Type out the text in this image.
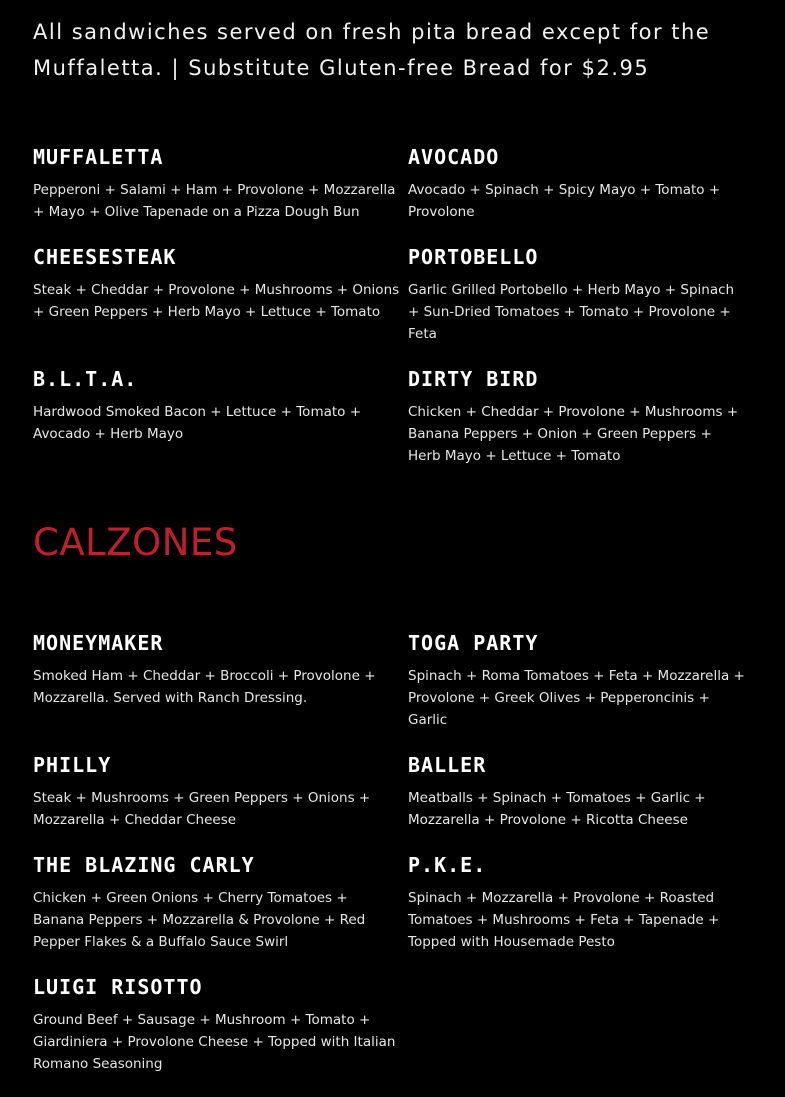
All sandwiches served on fresh pita bread except for the Muffaletta. | Substitute Gluten-free Bread for $2.95
MUFFALETTA

Pepperoni + Salami + Ham + Provolone + Mozzarella + Mayo + Olive Tapenade on a Pizza Dough Bun

AVOCADO

Avocado + Spinach + Spicy Mayo + Tomato + Provolone

CHEESESTEAK

Steak + Cheddar + Provolone + Mushrooms + Onions + Green Peppers + Herb Mayo + Lettuce + Tomato

PORTOBELLO

Garlic Grilled Portobello + Herb Mayo + Spinach + Sun-Dried Tomatoes + Tomato + Provolone + Feta

B.L.T.A.

Hardwood Smoked Bacon + Lettuce + Tomato + Avocado + Herb Mayo

DIRTY BIRD

Chicken + Cheddar + Provolone + Mushrooms + Banana Peppers + Onion + Green Peppers + Herb Mayo + Lettuce + Tomato

CALZONES
MONEYMAKER

Smoked Ham + Cheddar + Broccoli + Provolone + Mozzarella. Served with Ranch Dressing.

TOGA PARTY

Spinach + Roma Tomatoes + Feta + Mozzarella + Provolone + Greek Olives + Pepperoncinis + Garlic

PHILLY

Steak + Mushrooms + Green Peppers + Onions + Mozzarella + Cheddar Cheese

BALLER

Meatballs + Spinach + Tomatoes + Garlic + Mozzarella + Provolone + Ricotta Cheese

THE BLAZING CARLY

Chicken + Green Onions + Cherry Tomatoes + Banana Peppers + Mozzarella & Provolone + Red Pepper Flakes & a Buffalo Sauce Swirl

P.K.E.

Spinach + Mozzarella + Provolone + Roasted Tomatoes + Mushrooms + Feta + Tapenade + Topped with Housemade Pesto

LUIGI RISOTTO

Ground Beef + Sausage + Mushroom + Tomato + Giardiniera + Provolone Cheese + Topped with Italian Romano Seasoning
